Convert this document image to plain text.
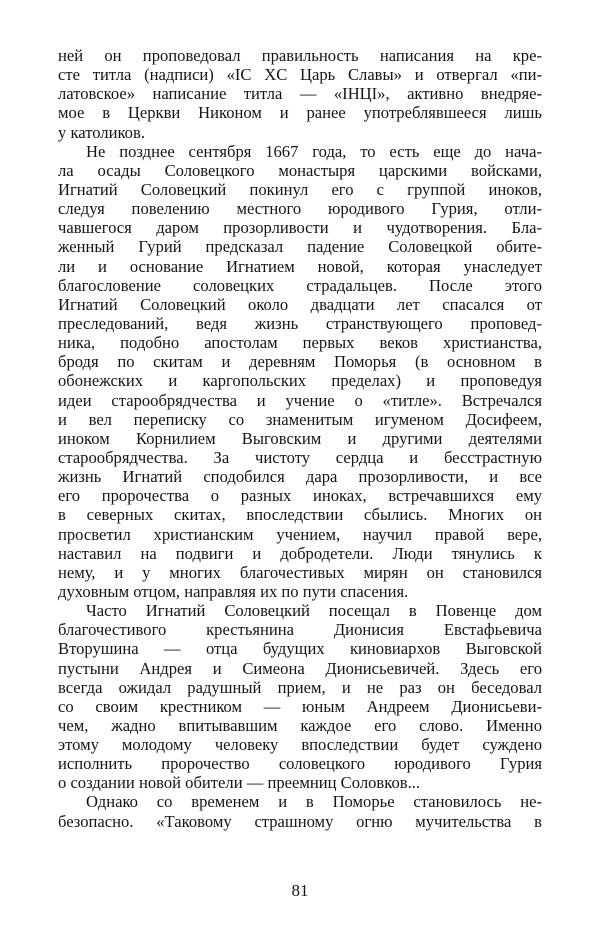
ней он проповедовал правильность написания на кре-
сте титла (надписи) «IC XC Царь Славы» и отвергал «пи-
латовское» написание титла — «IНЦI», активно внедряе-
мое в Церкви Никоном и ранее употреблявшееся лишь
у католиков.
Не позднее сентября 1667 года, то есть еще до нача-
ла осады Соловецкого монастыря царскими войсками,
Игнатий Соловецкий покинул его с группой иноков,
следуя повелению местного юродивого Гурия, отли-
чавшегося даром прозорливости и чудотворения. Бла-
женный Гурий предсказал падение Соловецкой обите-
ли и основание Игнатием новой, которая унаследует
благословение соловецких страдальцев. После этого
Игнатий Соловецкий около двадцати лет спасался от
преследований, ведя жизнь странствующего проповед-
ника, подобно апостолам первых веков христианства,
бродя по скитам и деревням Поморья (в основном в
обонежских и каргопольских пределах) и проповедуя
идеи старообрядчества и учение о «титле». Встречался
и вел переписку со знаменитым игуменом Досифеем,
иноком Корнилием Выговским и другими деятелями
старообрядчества. За чистоту сердца и бесстрастную
жизнь Игнатий сподобился дара прозорливости, и все
его пророчества о разных иноках, встречавшихся ему
в северных скитах, впоследствии сбылись. Многих он
просветил христианским учением, научил правой вере,
наставил на подвиги и добродетели. Люди тянулись к
нему, и у многих благочестивых мирян он становился
духовным отцом, направляя их по пути спасения.
Часто Игнатий Соловецкий посещал в Повенце дом
благочестивого крестьянина Дионисия Евстафьевича
Вторушина — отца будущих киновиархов Выговской
пустыни Андрея и Симеона Дионисьевичей. Здесь его
всегда ожидал радушный прием, и не раз он беседовал
со своим крестником — юным Андреем Дионисьеви-
чем, жадно впитывавшим каждое его слово. Именно
этому молодому человеку впоследствии будет суждено
исполнить пророчество соловецкого юродивого Гурия
о создании новой обители — преемниц Соловков...
Однако со временем и в Поморье становилось не-
безопасно. «Таковому страшному огню мучительства в
81
